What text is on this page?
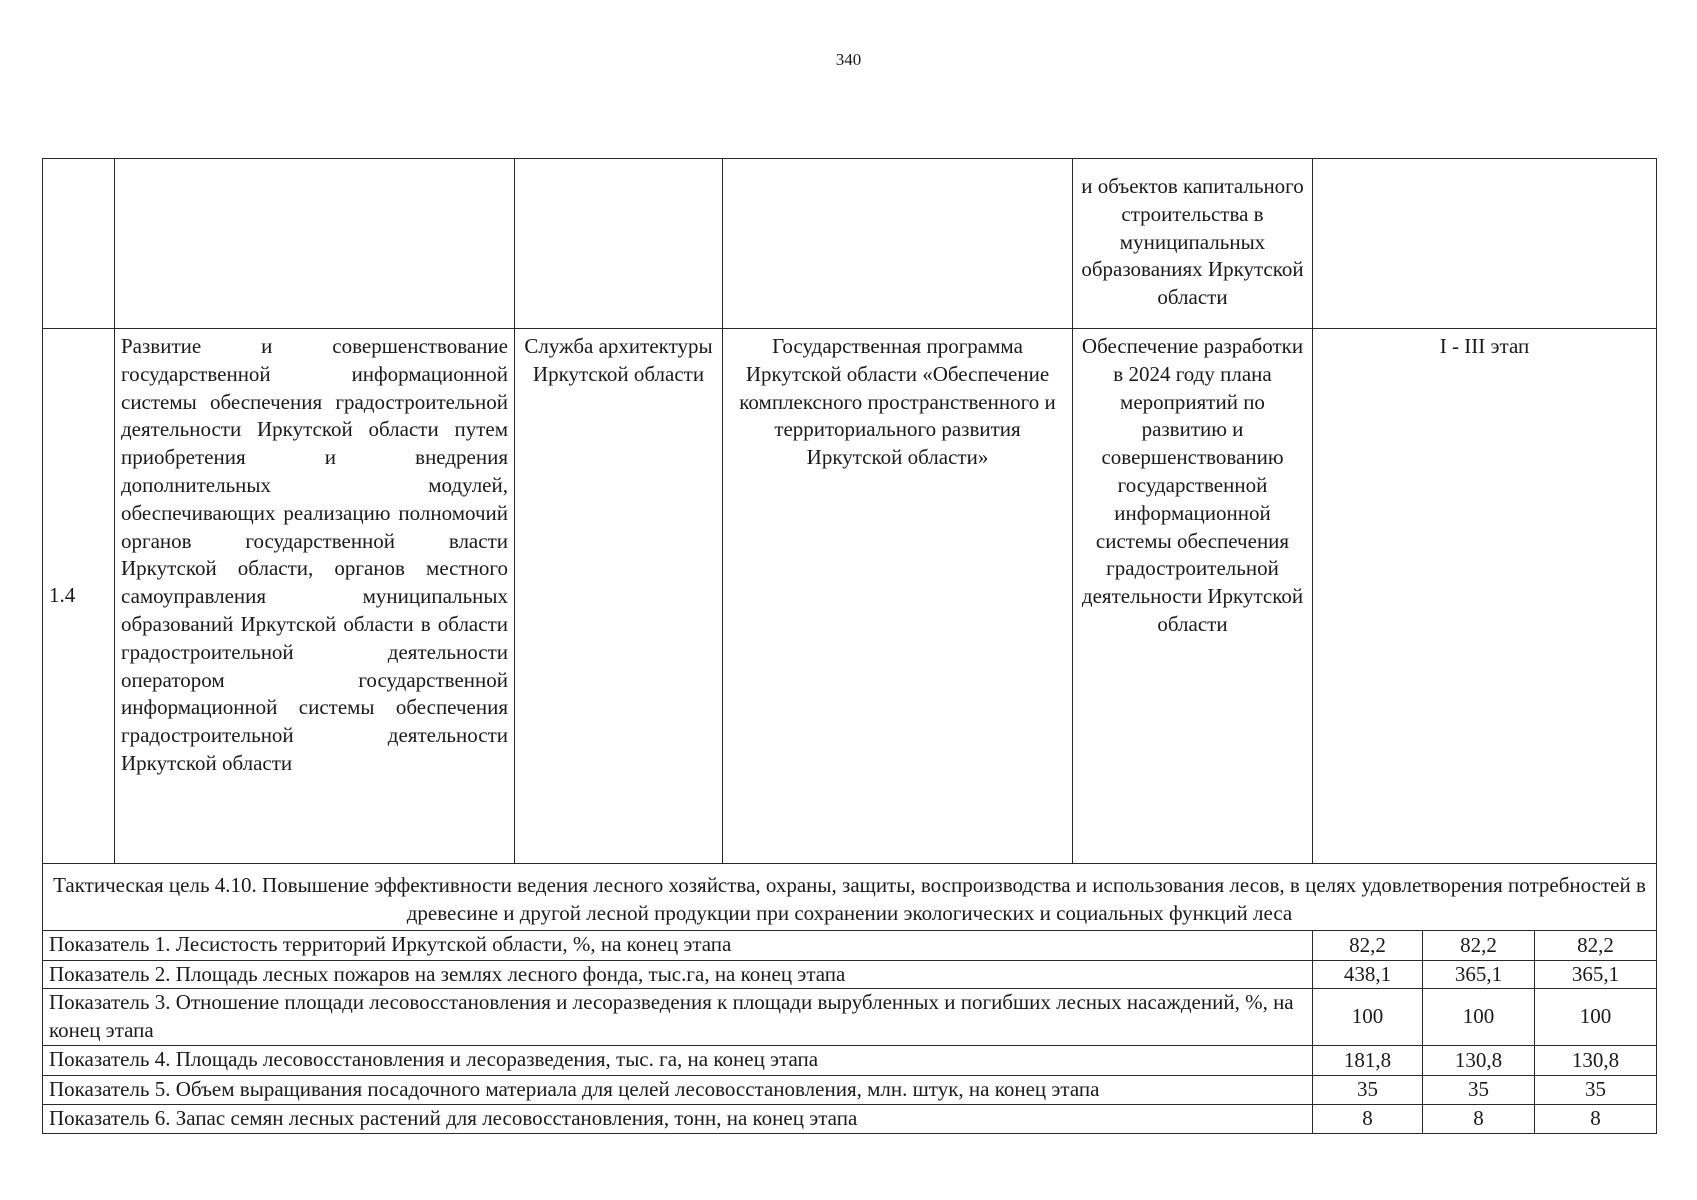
340
				и объектов капитального строительства в муниципальных образованиях Иркутской области			
1.4	Развитие и совершенствование государственной информационной системы обеспечения градостроительной деятельности Иркутской области путем приобретения и внедрения дополнительных модулей, обеспечивающих реализацию полномочий органов государственной власти Иркутской области, органов местного самоуправления муниципальных образований Иркутской области в области градостроительной деятельности оператором государственной информационной системы обеспечения градостроительной деятельности Иркутской области	Служба архитектуры Иркутской области	Государственная программа Иркутской области «Обеспечение комплексного пространственного и территориального развития Иркутской области»	Обеспечение разработки в 2024 году плана мероприятий по развитию и совершенствованию государственной информационной системы обеспечения градостроительной деятельности Иркутской области	I - III этап		
Тактическая цель 4.10. Повышение эффективности ведения лесного хозяйства, охраны, защиты, воспроизводства и использования лесов, в целях удовлетворения потребностей в древесине и другой лесной продукции при сохранении экологических и социальных функций леса							
Показатель 1. Лесистость территорий Иркутской области, %, на конец этапа					82,2	82,2	82,2
Показатель 2. Площадь лесных пожаров на землях лесного фонда, тыс.га, на конец этапа					438,1	365,1	365,1
Показатель 3. Отношение площади лесовосстановления и лесоразведения к площади вырубленных и погибших лесных насаждений, %, на конец этапа					100	100	100
Показатель 4. Площадь лесовосстановления и лесоразведения, тыс. га, на конец этапа					181,8	130,8	130,8
Показатель 5. Объем выращивания посадочного материала для целей лесовосстановления, млн. штук, на конец этапа					35	35	35
Показатель 6. Запас семян лесных растений для лесовосстановления, тонн, на конец этапа					8	8	8
